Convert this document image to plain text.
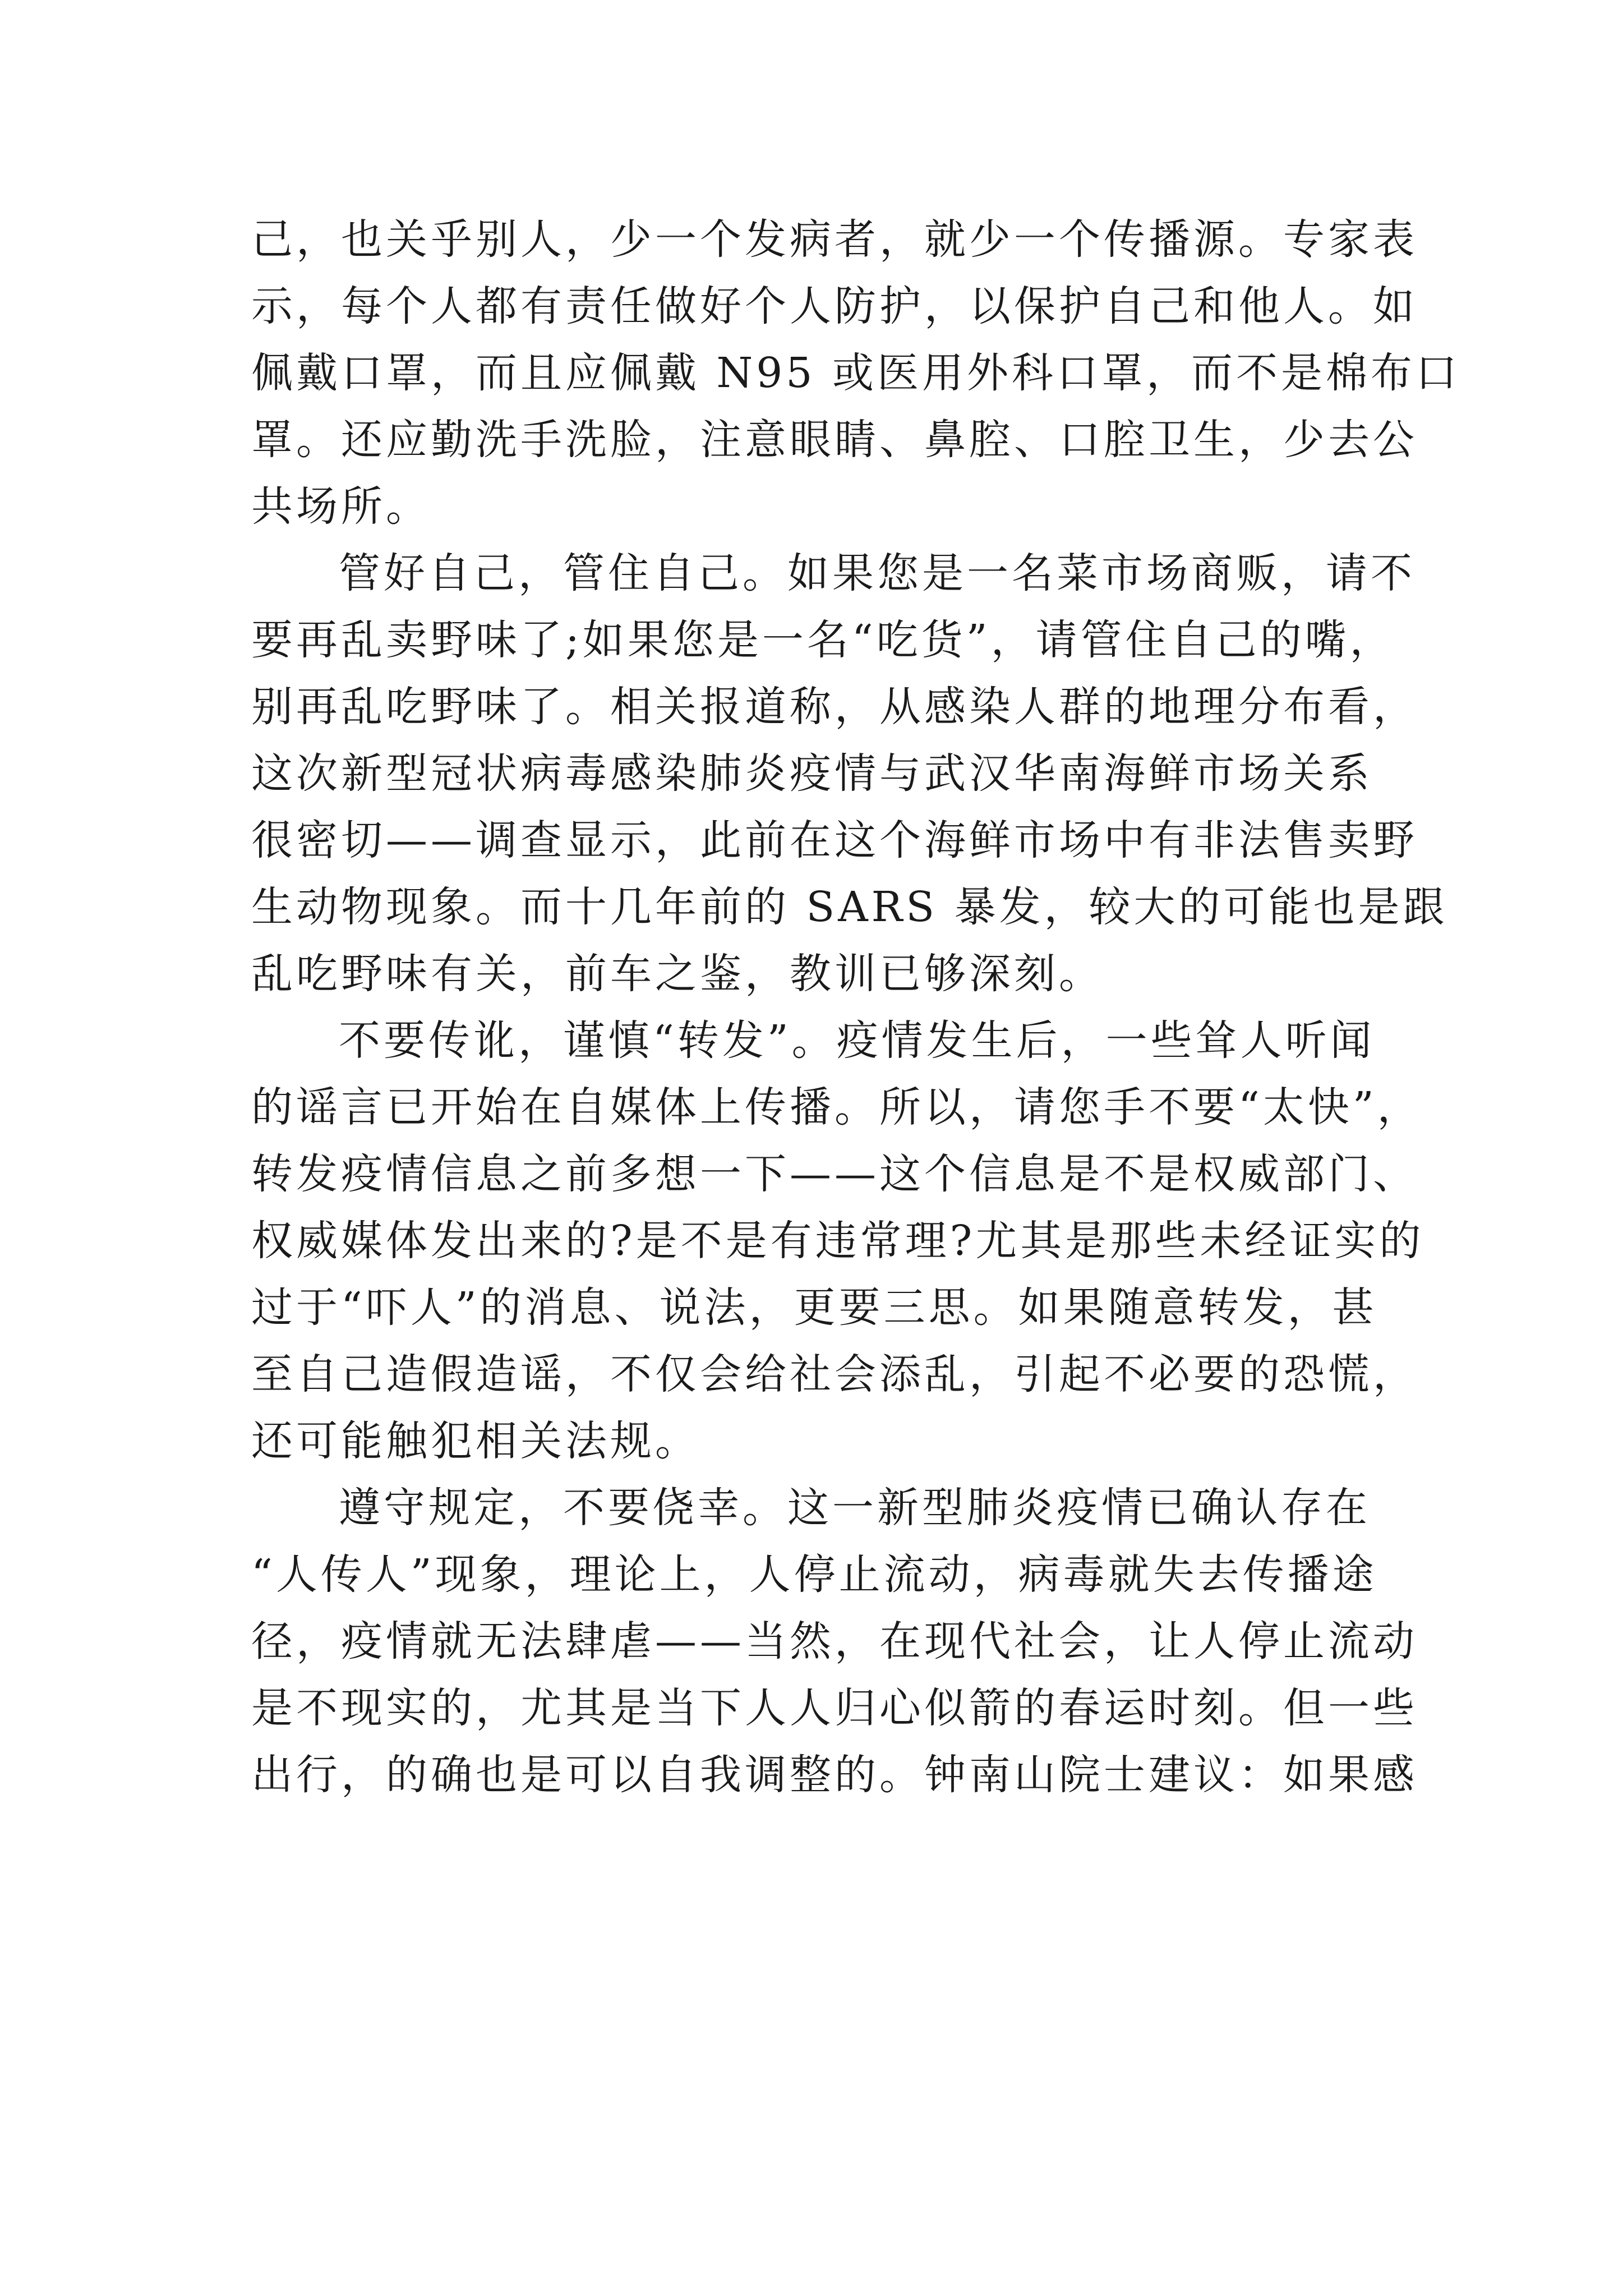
己，也关乎别人，少一个发病者，就少一个传播源。专家表
示，每个人都有责任做好个人防护，以保护自己和他人。如
佩戴口罩，而且应佩戴 N95 或医用外科口罩，而不是棉布口
罩。还应勤洗手洗脸，注意眼睛、鼻腔、口腔卫生，少去公
共场所。
管好自己，管住自己。如果您是一名菜市场商贩，请不
要再乱卖野味了;如果您是一名“吃货”，请管住自己的嘴，
别再乱吃野味了。相关报道称，从感染人群的地理分布看，
这次新型冠状病毒感染肺炎疫情与武汉华南海鲜市场关系
很密切——调查显示，此前在这个海鲜市场中有非法售卖野
生动物现象。而十几年前的 SARS 暴发，较大的可能也是跟
乱吃野味有关，前车之鉴，教训已够深刻。
不要传讹，谨慎“转发”。疫情发生后，一些耸人听闻
的谣言已开始在自媒体上传播。所以，请您手不要“太快”，
转发疫情信息之前多想一下——这个信息是不是权威部门、
权威媒体发出来的?是不是有违常理?尤其是那些未经证实的
过于“吓人”的消息、说法，更要三思。如果随意转发，甚
至自己造假造谣，不仅会给社会添乱，引起不必要的恐慌，
还可能触犯相关法规。
遵守规定，不要侥幸。这一新型肺炎疫情已确认存在
“人传人”现象，理论上，人停止流动，病毒就失去传播途
径，疫情就无法肆虐——当然，在现代社会，让人停止流动
是不现实的，尤其是当下人人归心似箭的春运时刻。但一些
出行，的确也是可以自我调整的。钟南山院士建议：如果感
